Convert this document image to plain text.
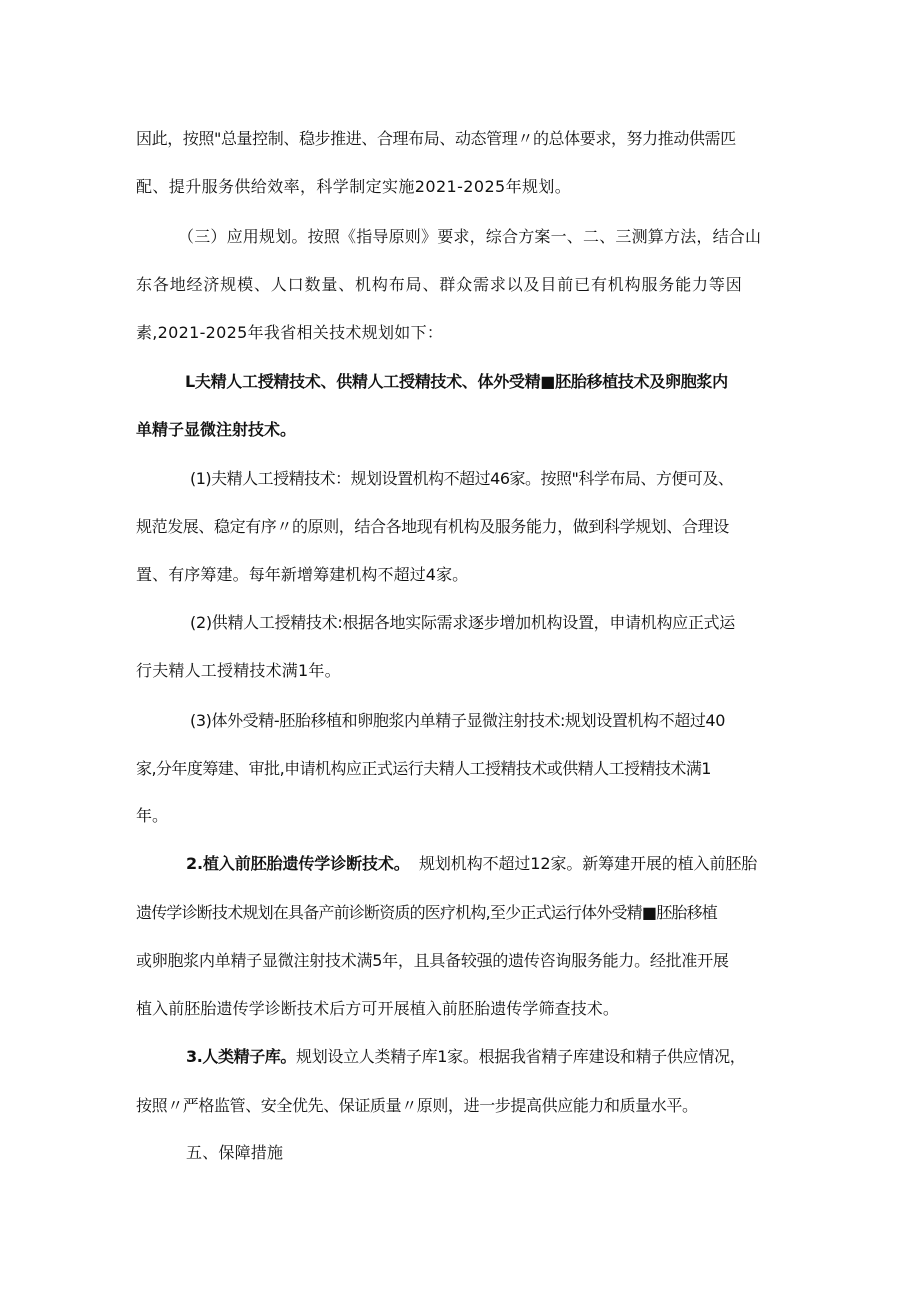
因此，按照"总量控制、稳步推进、合理布局、动态管理〃的总体要求，努力推动供需匹
配、提升服务供给效率，科学制定实施2021-2025年规划。
（三）应用规划。按照《指导原则》要求，综合方案一、二、三测算方法，结合山
东各地经济规模、人口数量、机构布局、群众需求以及目前已有机构服务能力等因
素,2021-2025年我省相关技术规划如下：
L夫精人工授精技术、供精人工授精技术、体外受精■胚胎移植技术及卵胞浆内
单精子显微注射技术。
(1)夫精人工授精技术：规划设置机构不超过46家。按照"科学布局、方便可及、
规范发展、稳定有序〃的原则，结合各地现有机构及服务能力，做到科学规划、合理设
置、有序筹建。每年新增筹建机构不超过4家。
(2)供精人工授精技术:根据各地实际需求逐步增加机构设置，申请机构应正式运
行夫精人工授精技术满1年。
(3)体外受精-胚胎移植和卵胞浆内单精子显微注射技术:规划设置机构不超过40
家,分年度筹建、审批,申请机构应正式运行夫精人工授精技术或供精人工授精技术满1
年。
2.植入前胚胎遗传学诊断技术。 规划机构不超过12家。新筹建开展的植入前胚胎
遗传学诊断技术规划在具备产前诊断资质的医疗机构,至少正式运行体外受精■胚胎移植
或卵胞浆内单精子显微注射技术满5年，且具备较强的遗传咨询服务能力。经批准开展
植入前胚胎遗传学诊断技术后方可开展植入前胚胎遗传学筛查技术。
3.人类精子库。 规划设立人类精子库1家。根据我省精子库建设和精子供应情况，
按照〃严格监管、安全优先、保证质量〃原则，进一步提高供应能力和质量水平。
五、保障措施
